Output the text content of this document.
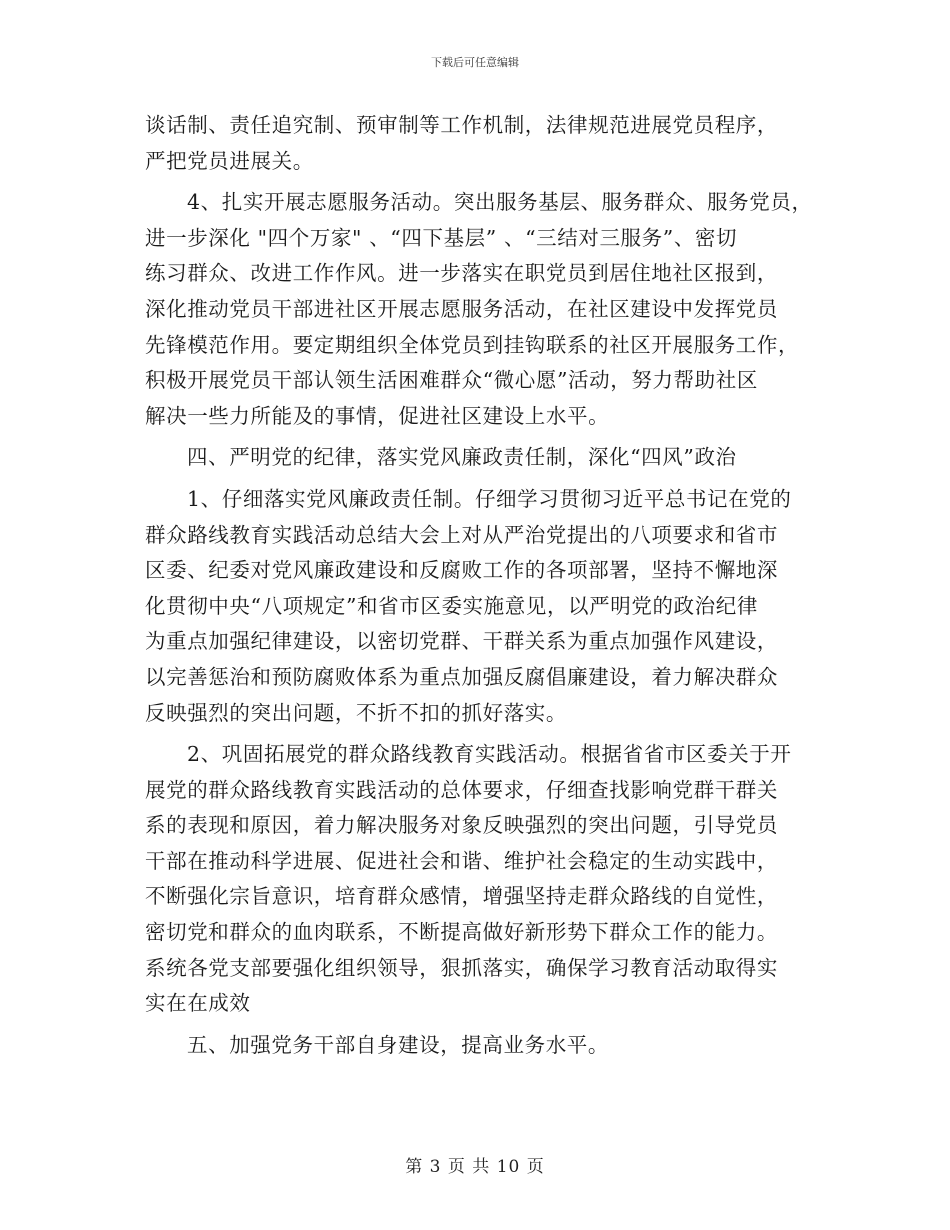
下载后可任意编辑
谈话制、责任追究制、预审制等工作机制，法律规范进展党员程序，
严把党员进展关。
4、扎实开展志愿服务活动。突出服务基层、服务群众、服务党员，
进一步深化 "四个万家" 、“四下基层” 、“三结对三服务”、密切
练习群众、改进工作作风。进一步落实在职党员到居住地社区报到，
深化推动党员干部进社区开展志愿服务活动，在社区建设中发挥党员
先锋模范作用。要定期组织全体党员到挂钩联系的社区开展服务工作，
积极开展党员干部认领生活困难群众“微心愿”活动，努力帮助社区
解决一些力所能及的事情，促进社区建设上水平。
四、严明党的纪律，落实党风廉政责任制，深化“四风”政治
1、仔细落实党风廉政责任制。仔细学习贯彻习近平总书记在党的
群众路线教育实践活动总结大会上对从严治党提出的八项要求和省市
区委、纪委对党风廉政建设和反腐败工作的各项部署，坚持不懈地深
化贯彻中央“八项规定”和省市区委实施意见，以严明党的政治纪律
为重点加强纪律建设，以密切党群、干群关系为重点加强作风建设，
以完善惩治和预防腐败体系为重点加强反腐倡廉建设，着力解决群众
反映强烈的突出问题，不折不扣的抓好落实。
2、巩固拓展党的群众路线教育实践活动。根据省省市区委关于开
展党的群众路线教育实践活动的总体要求，仔细查找影响党群干群关
系的表现和原因，着力解决服务对象反映强烈的突出问题，引导党员
干部在推动科学进展、促进社会和谐、维护社会稳定的生动实践中，
不断强化宗旨意识，培育群众感情，增强坚持走群众路线的自觉性，
密切党和群众的血肉联系，不断提高做好新形势下群众工作的能力。
系统各党支部要强化组织领导，狠抓落实，确保学习教育活动取得实
实在在成效
五、加强党务干部自身建设，提高业务水平。
第 3 页 共 10 页
